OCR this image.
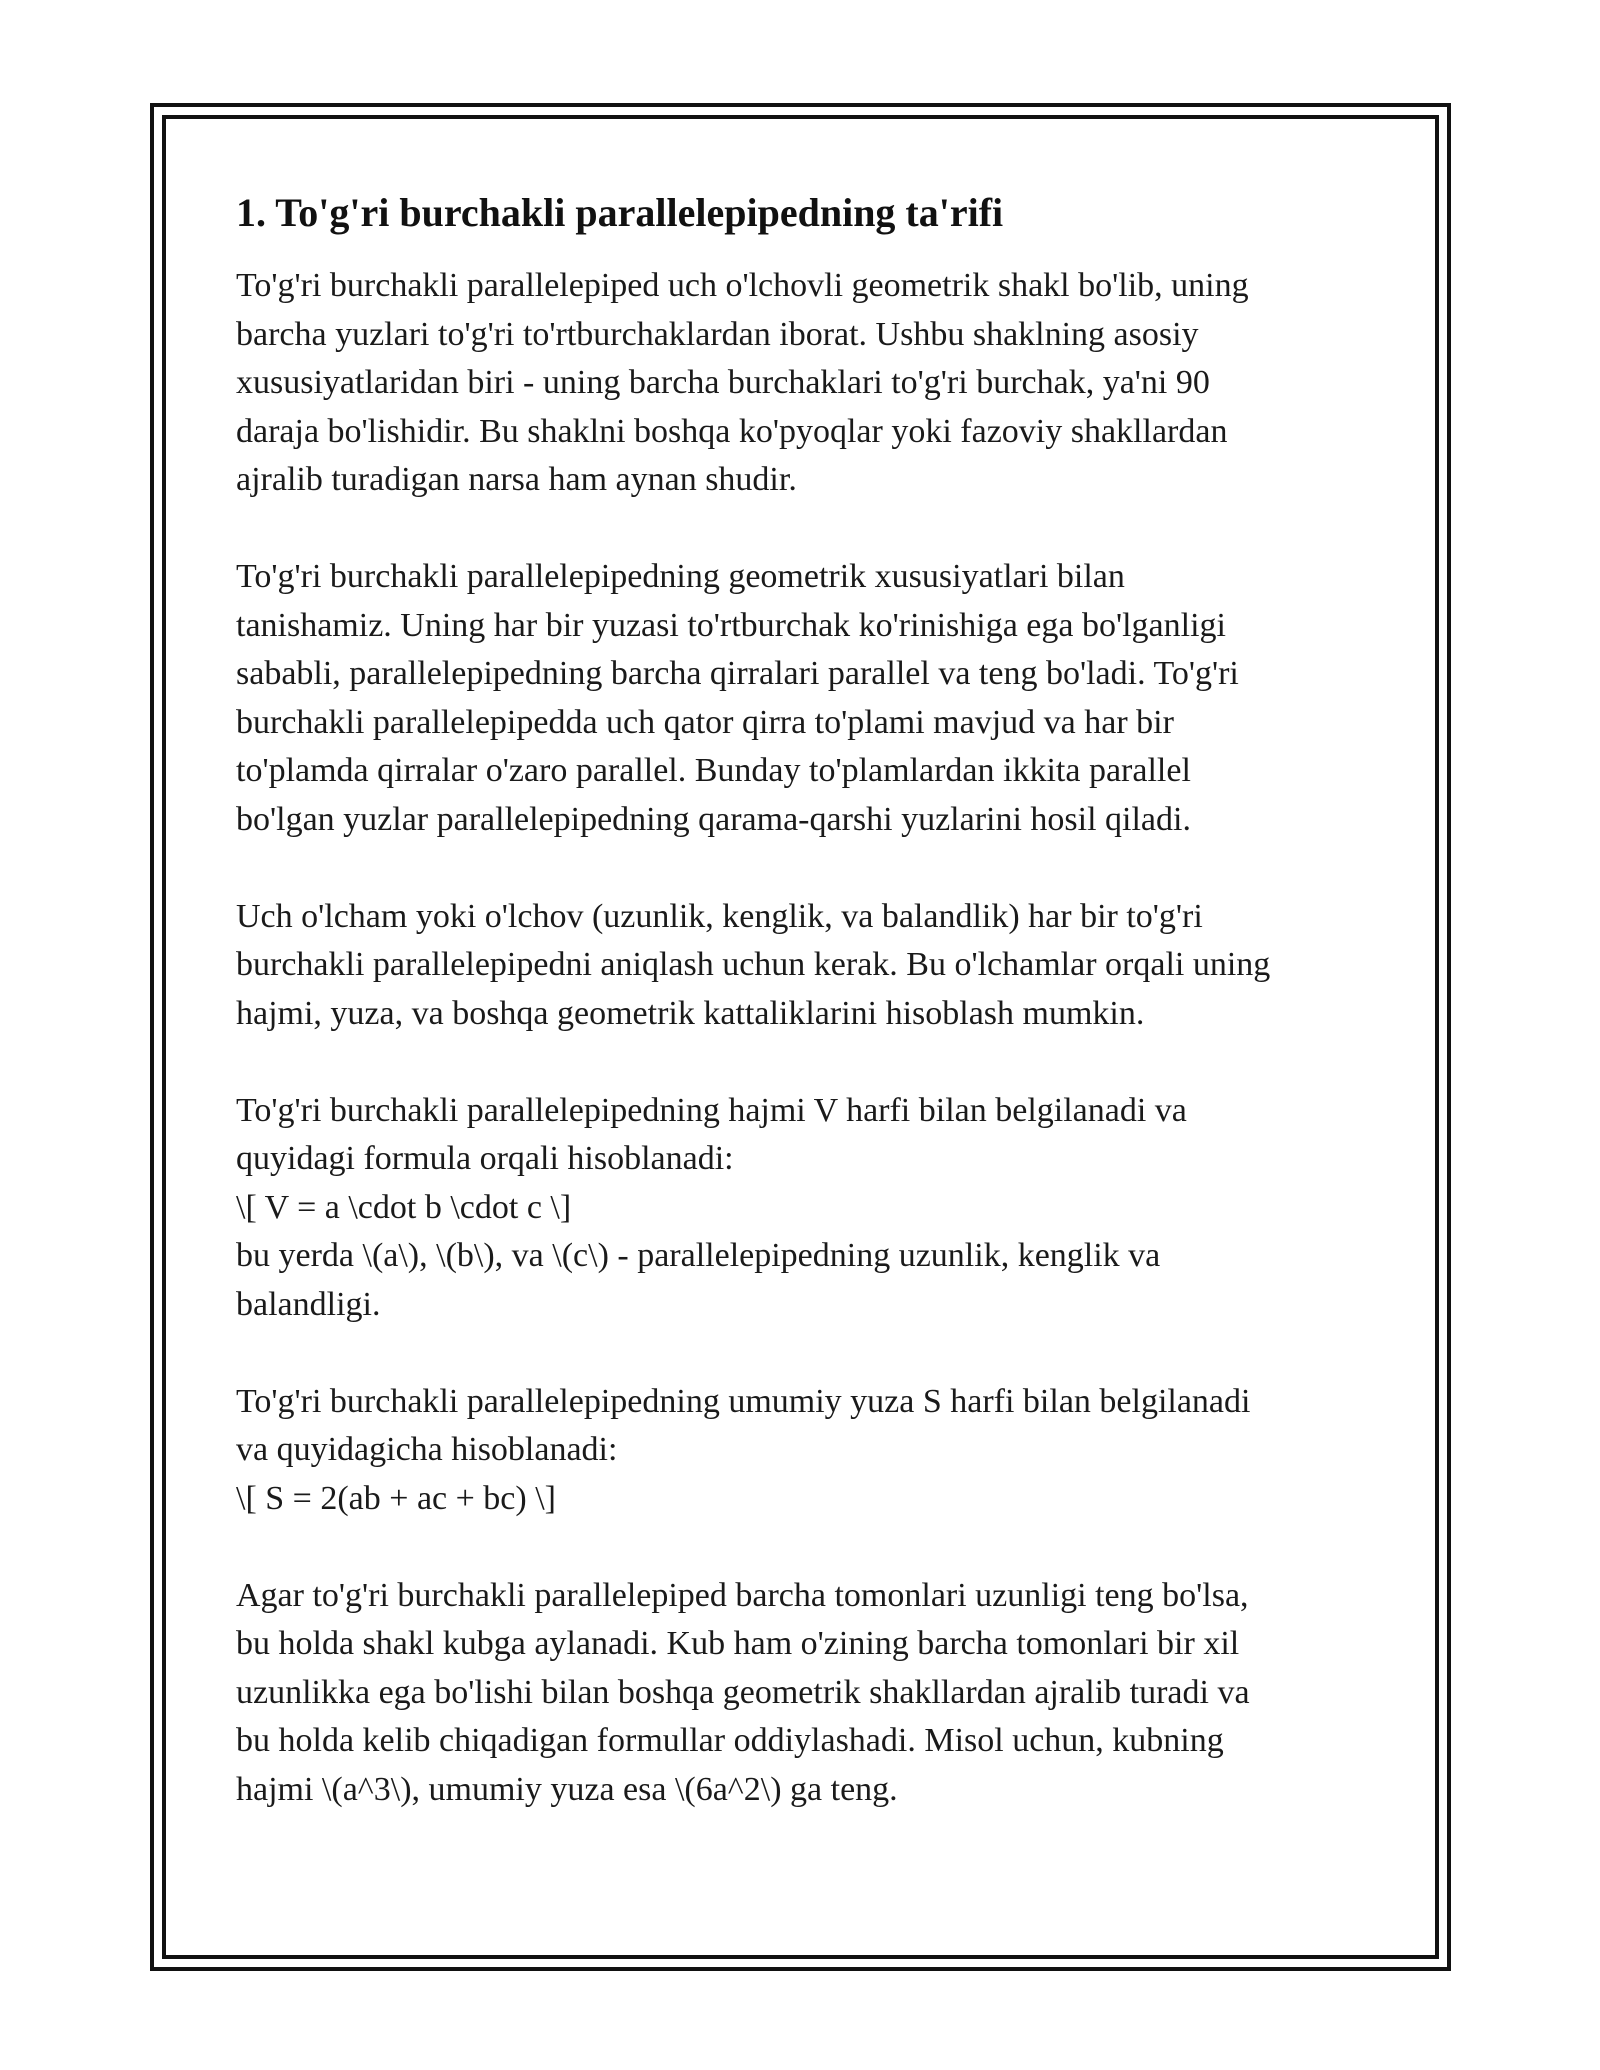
1. To'g'ri burchakli parallelepipedning ta'rifi

To'g'ri burchakli parallelepiped uch o'lchovli geometrik shakl bo'lib, uning
barcha yuzlari to'g'ri to'rtburchaklardan iborat. Ushbu shaklning asosiy
xususiyatlaridan biri - uning barcha burchaklari to'g'ri burchak, ya'ni 90
daraja bo'lishidir. Bu shaklni boshqa ko'pyoqlar yoki fazoviy shakllardan
ajralib turadigan narsa ham aynan shudir.

To'g'ri burchakli parallelepipedning geometrik xususiyatlari bilan
tanishamiz. Uning har bir yuzasi to'rtburchak ko'rinishiga ega bo'lganligi
sababli, parallelepipedning barcha qirralari parallel va teng bo'ladi. To'g'ri
burchakli parallelepipedda uch qator qirra to'plami mavjud va har bir
to'plamda qirralar o'zaro parallel. Bunday to'plamlardan ikkita parallel
bo'lgan yuzlar parallelepipedning qarama-qarshi yuzlarini hosil qiladi.

Uch o'lcham yoki o'lchov (uzunlik, kenglik, va balandlik) har bir to'g'ri
burchakli parallelepipedni aniqlash uchun kerak. Bu o'lchamlar orqali uning
hajmi, yuza, va boshqa geometrik kattaliklarini hisoblash mumkin.

To'g'ri burchakli parallelepipedning hajmi V harfi bilan belgilanadi va
quyidagi formula orqali hisoblanadi:
\[ V = a \cdot b \cdot c \]
bu yerda \(a\), \(b\), va \(c\) - parallelepipedning uzunlik, kenglik va
balandligi.

To'g'ri burchakli parallelepipedning umumiy yuza S harfi bilan belgilanadi
va quyidagicha hisoblanadi:
\[ S = 2(ab + ac + bc) \]

Agar to'g'ri burchakli parallelepiped barcha tomonlari uzunligi teng bo'lsa,
bu holda shakl kubga aylanadi. Kub ham o'zining barcha tomonlari bir xil
uzunlikka ega bo'lishi bilan boshqa geometrik shakllardan ajralib turadi va
bu holda kelib chiqadigan formullar oddiylashadi. Misol uchun, kubning
hajmi \(a^3\), umumiy yuza esa \(6a^2\) ga teng.
